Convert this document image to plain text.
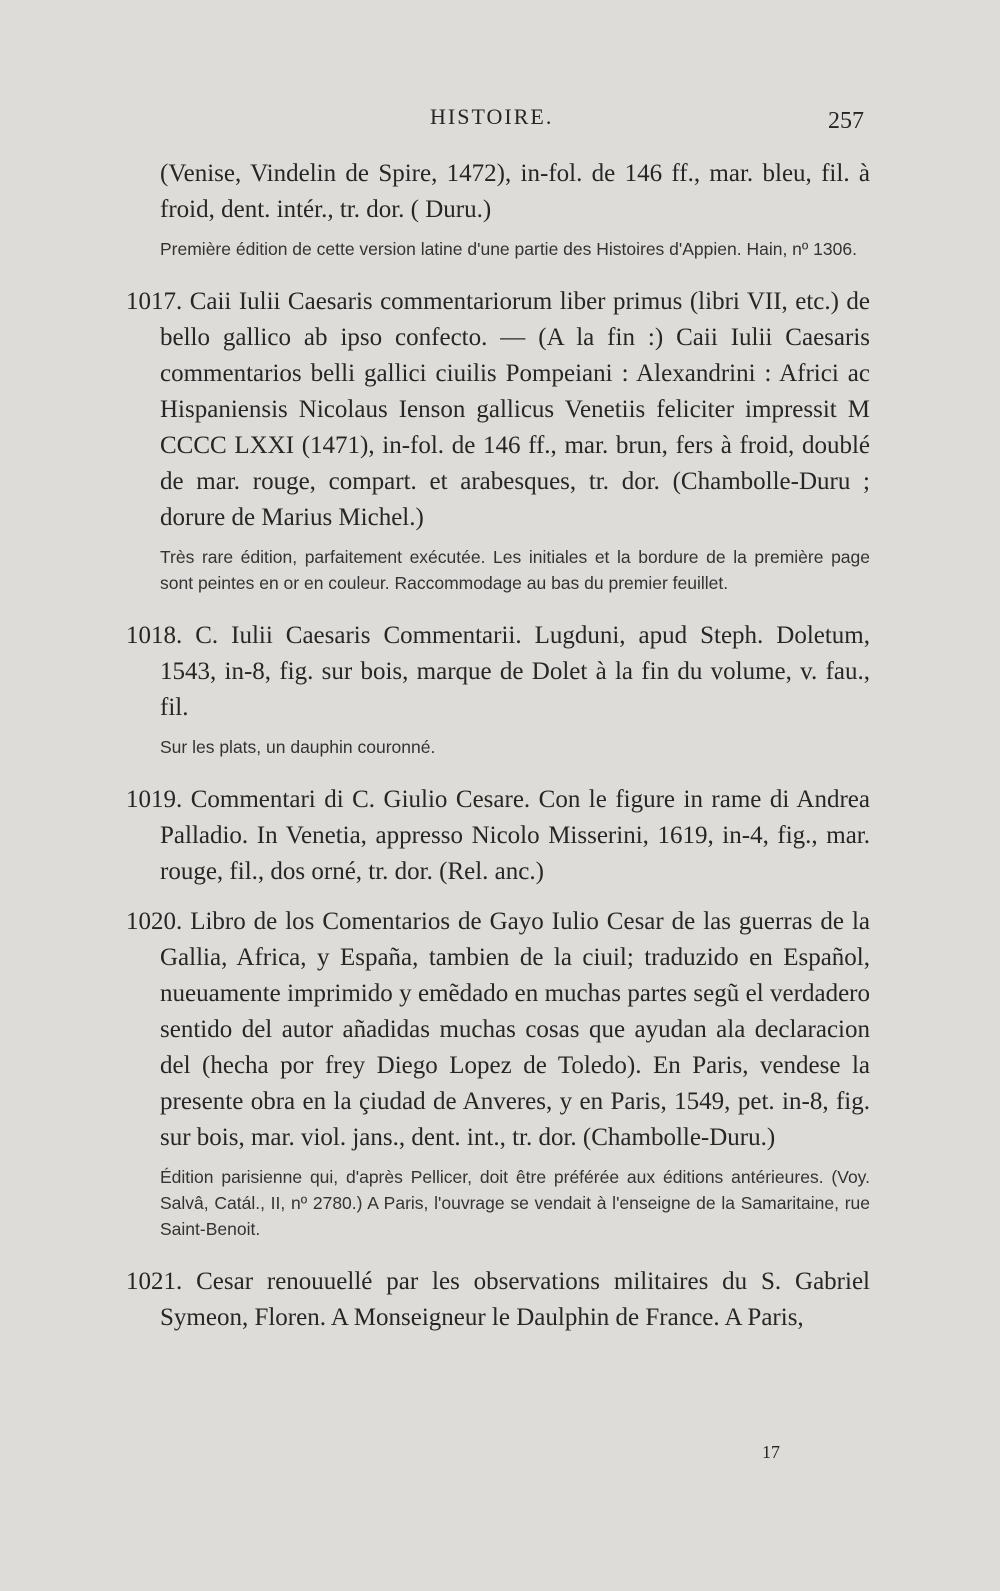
HISTOIRE.	257

(Venise, Vindelin de Spire, 1472), in-fol. de 146 ff., mar. bleu, fil. à froid, dent. intér., tr. dor. ( Duru.)

Première édition de cette version latine d'une partie des Histoires d'Appien. Hain, nº 1306.

1017. Caii Iulii Caesaris commentariorum liber primus (libri VII, etc.) de bello gallico ab ipso confecto. — (A la fin :) Caii Iulii Caesaris commentarios belli gallici ciuilis Pompeiani : Alexandrini : Africi ac Hispaniensis Nicolaus Ienson gallicus Venetiis feliciter impressit M CCCC LXXI (1471), in-fol. de 146 ff., mar. brun, fers à froid, doublé de mar. rouge, compart. et arabesques, tr. dor. (Chambolle-Duru ; dorure de Marius Michel.)

Très rare édition, parfaitement exécutée. Les initiales et la bordure de la première page sont peintes en or en couleur. Raccommodage au bas du premier feuillet.

1018. C. Iulii Caesaris Commentarii. Lugduni, apud Steph. Doletum, 1543, in-8, fig. sur bois, marque de Dolet à la fin du volume, v. fau., fil.

Sur les plats, un dauphin couronné.

1019. Commentari di C. Giulio Cesare. Con le figure in rame di Andrea Palladio. In Venetia, appresso Nicolo Misserini, 1619, in-4, fig., mar. rouge, fil., dos orné, tr. dor. (Rel. anc.)

1020. Libro de los Comentarios de Gayo Iulio Cesar de las guerras de la Gallia, Africa, y España, tambien de la ciuil; traduzido en Español, nueuamente imprimido y emẽdado en muchas partes segũ el verdadero sentido del autor añadidas muchas cosas que ayudan ala declaracion del (hecha por frey Diego Lopez de Toledo). En Paris, vendese la presente obra en la çiudad de Anveres, y en Paris, 1549, pet. in-8, fig. sur bois, mar. viol. jans., dent. int., tr. dor. (Chambolle-Duru.)

Édition parisienne qui, d'après Pellicer, doit être préférée aux éditions antérieures. (Voy. Salvâ, Catál., II, nº 2780.) A Paris, l'ouvrage se vendait à l'enseigne de la Samaritaine, rue Saint-Benoit.

1021. Cesar renouuellé par les observations militaires du S. Gabriel Symeon, Floren. A Monseigneur le Daulphin de France. A Paris,

17
